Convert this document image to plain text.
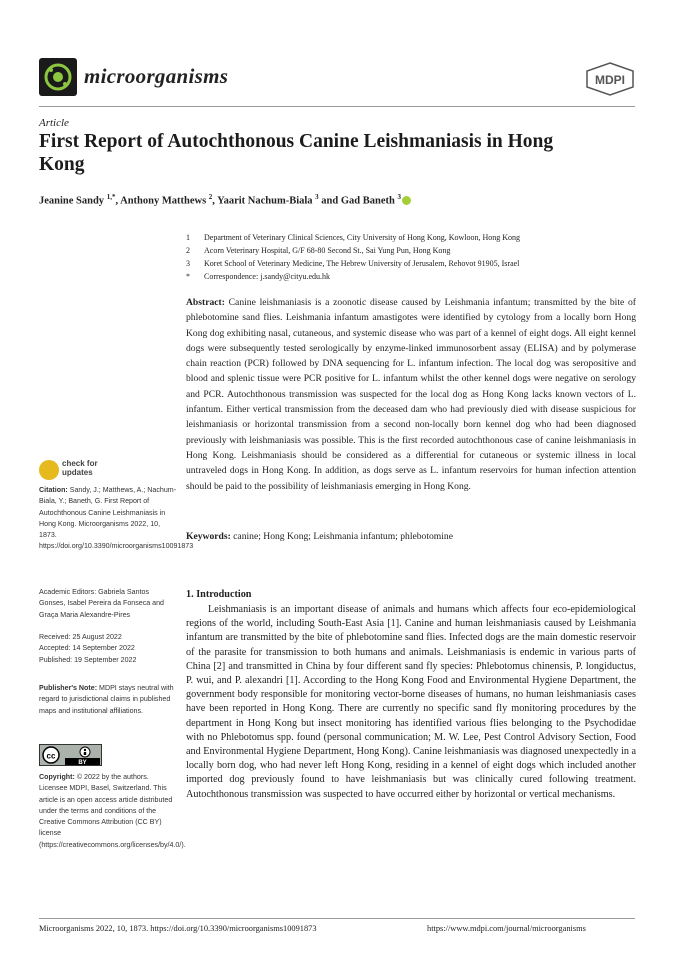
microorganisms	MDPI
Article
First Report of Autochthonous Canine Leishmaniasis in Hong Kong
Jeanine Sandy $^{1,*}$, Anthony Matthews $^2$, Yaarit Nachum-Biala $^3$ and Gad Baneth $^3$
1	Department of Veterinary Clinical Sciences, City University of Hong Kong, Kowloon, Hong Kong
2	Acorn Veterinary Hospital, G/F 68-80 Second St., Sai Yung Pun, Hong Kong
3	Koret School of Veterinary Medicine, The Hebrew University of Jerusalem, Rehovot 91905, Israel
*	Correspondence: j.sandy@cityu.edu.hk
Abstract: Canine leishmaniasis is a zoonotic disease caused by Leishmania infantum; transmitted by the bite of phlebotomine sand flies. Leishmania infantum amastigotes were identified by cytology from a locally born Hong Kong dog exhibiting nasal, cutaneous, and systemic disease who was part of a kennel of eight dogs. All eight kennel dogs were subsequently tested serologically by enzyme-linked immunosorbent assay (ELISA) and by polymerase chain reaction (PCR) followed by DNA sequencing for L. infantum infection. The local dog was seropositive and blood and splenic tissue were PCR positive for L. infantum whilst the other kennel dogs were negative on serology and PCR. Autochthonous transmission was suspected for the local dog as Hong Kong lacks known vectors of L. infantum. Either vertical transmission from the deceased dam who had previously died with disease suspicious for leishmaniasis or horizontal transmission from a second non-locally born kennel dog who had been diagnosed previously with leishmaniasis was possible. This is the first recorded autochthonous case of canine leishmaniasis in Hong Kong. Leishmaniasis should be considered as a differential for cutaneous or systemic illness in local untraveled dogs in Hong Kong. In addition, as dogs serve as L. infantum reservoirs for human infection attention should be paid to the possibility of leishmaniasis emerging in Hong Kong.
Keywords: canine; Hong Kong; Leishmania infantum; phlebotomine
1. Introduction
Leishmaniasis is an important disease of animals and humans which affects four eco-epidemiological regions of the world, including South-East Asia [1]. Canine and human leishmaniasis caused by Leishmania infantum are transmitted by the bite of phlebotomine sand flies. Infected dogs are the main domestic reservoir of the parasite for transmission to both humans and animals. Leishmaniasis is endemic in various parts of China [2] and transmitted in China by four different sand fly species: Phlebotomus chinensis, P. longiductus, P. wui, and P. alexandri [1]. According to the Hong Kong Food and Environmental Hygiene Department, the government body responsible for monitoring vector-borne diseases of humans, no human leishmaniasis cases have been reported in Hong Kong. There are currently no specific sand fly monitoring procedures by the department in Hong Kong but insect monitoring has identified various flies belonging to the Psychodidae with no Phlebotomus spp. found (personal communication; M. W. Lee, Pest Control Advisory Section, Food and Environmental Hygiene Department, Hong Kong). Canine leishmaniasis was diagnosed unexpectedly in a locally born dog, who had never left Hong Kong, residing in a kennel of eight dogs which included another imported dog previously found to have leishmaniasis but was clinically cured following treatment. Autochthonous transmission was suspected to have occurred either by horizontal or vertical mechanisms.
check for
updates
Citation: Sandy, J.; Matthews, A.; Nachum-Biala, Y.; Baneth, G. First Report of Autochthonous Canine Leishmaniasis in Hong Kong. Microorganisms 2022, 10, 1873. https://doi.org/10.3390/microorganisms10091873
Academic Editors: Gabriela Santos Gonses, Isabel Pereira da Fonseca and Graça Maria Alexandre-Pires
Received: 25 August 2022
Accepted: 14 September 2022
Published: 19 September 2022
Publisher's Note: MDPI stays neutral with regard to jurisdictional claims in published maps and institutional affiliations.
cc
BY
Copyright: © 2022 by the authors. Licensee MDPI, Basel, Switzerland. This article is an open access article distributed under the terms and conditions of the Creative Commons Attribution (CC BY) license (https://creativecommons.org/licenses/by/4.0/).
Microorganisms 2022, 10, 1873. https://doi.org/10.3390/microorganisms10091873	https://www.mdpi.com/journal/microorganisms
